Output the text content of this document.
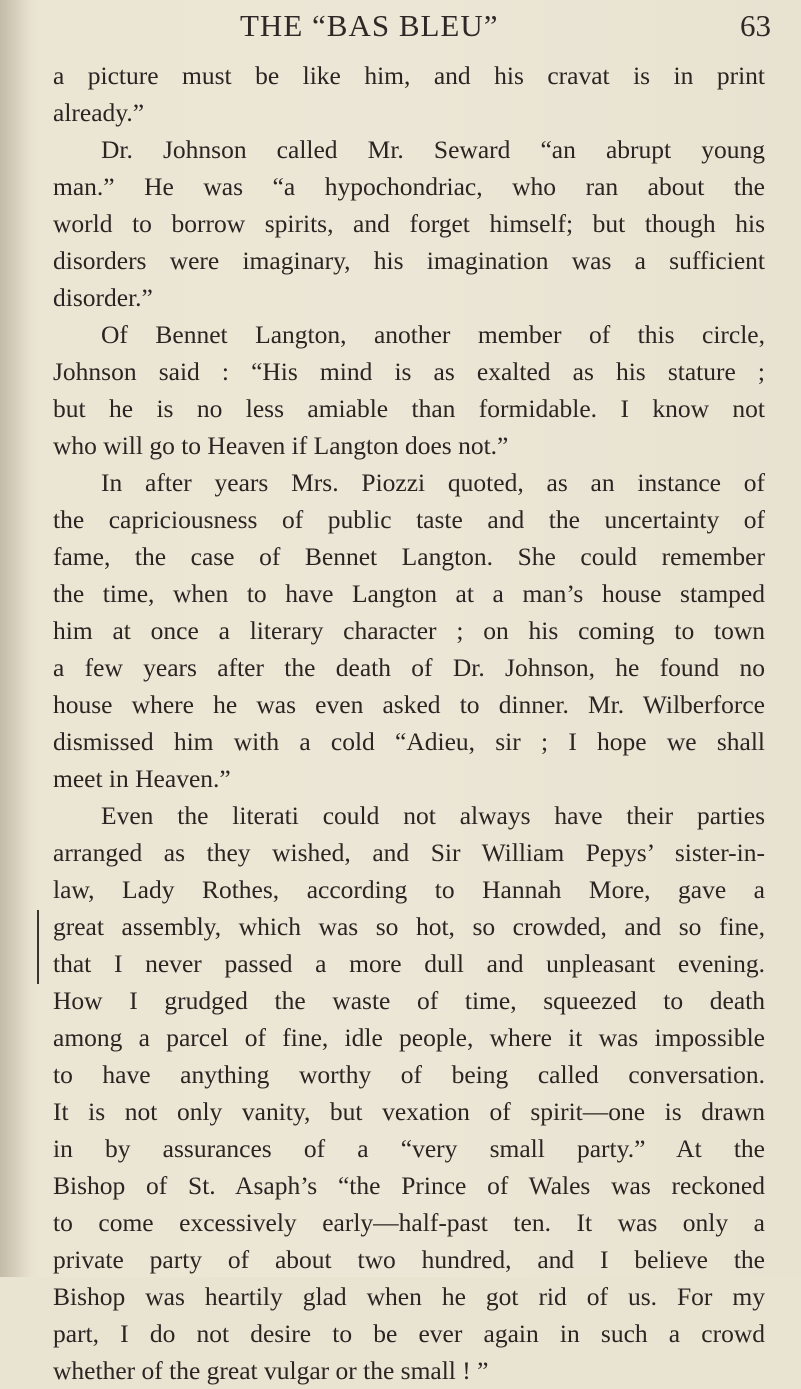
THE “BAS BLEU”	63
a picture must be like him, and his cravat is in print
already.”
Dr. Johnson called Mr. Seward “an abrupt young
man.” He was “a hypochondriac, who ran about the
world to borrow spirits, and forget himself; but though his
disorders were imaginary, his imagination was a sufficient
disorder.”
Of Bennet Langton, another member of this circle,
Johnson said : “His mind is as exalted as his stature ;
but he is no less amiable than formidable. I know not
who will go to Heaven if Langton does not.”
In after years Mrs. Piozzi quoted, as an instance of
the capriciousness of public taste and the uncertainty of
fame, the case of Bennet Langton. She could remember
the time, when to have Langton at a man’s house stamped
him at once a literary character ; on his coming to town
a few years after the death of Dr. Johnson, he found no
house where he was even asked to dinner. Mr. Wilberforce
dismissed him with a cold “Adieu, sir ; I hope we shall
meet in Heaven.”
Even the literati could not always have their parties
arranged as they wished, and Sir William Pepys’ sister-in-
law, Lady Rothes, according to Hannah More, gave a
great assembly, which was so hot, so crowded, and so fine,
that I never passed a more dull and unpleasant evening.
How I grudged the waste of time, squeezed to death
among a parcel of fine, idle people, where it was impossible
to have anything worthy of being called conversation.
It is not only vanity, but vexation of spirit—one is drawn
in by assurances of a “very small party.” At the
Bishop of St. Asaph’s “the Prince of Wales was reckoned
to come excessively early—half-past ten. It was only a
private party of about two hundred, and I believe the
Bishop was heartily glad when he got rid of us. For my
part, I do not desire to be ever again in such a crowd
whether of the great vulgar or the small ! ”
